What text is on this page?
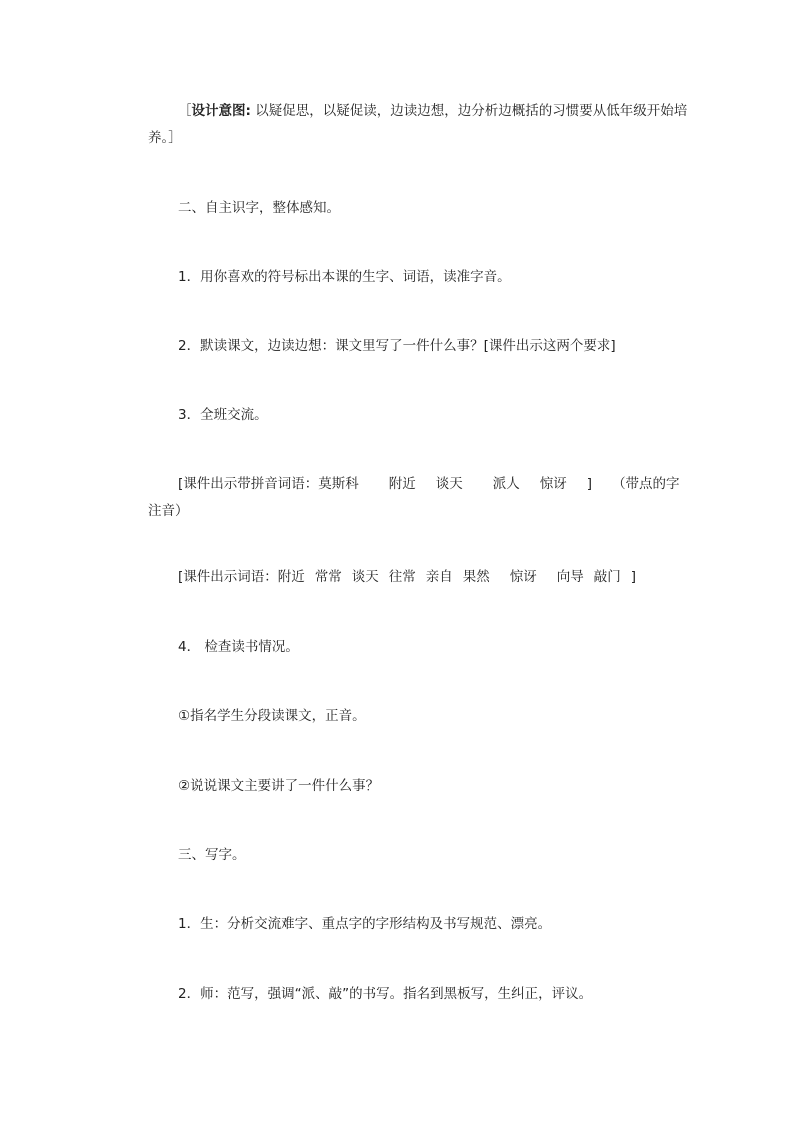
［设计意图: 以疑促思，以疑促读，边读边想，边分析边概括的习惯要从低年级开始培养。］

二、自主识字，整体感知。

1．用你喜欢的符号标出本课的生字、词语，读准字音。

2．默读课文，边读边想：课文里写了一件什么事？[课件出示这两个要求]

3．全班交流。

[课件出示带拼音词语：莫斯科 附近 谈天 派人 惊讶 ] （带点的字注音）

[课件出示词语：附近 常常 谈天 往常 亲自 果然 惊讶 向导 敲门 ]

4． 检查读书情况。

①指名学生分段读课文，正音。

②说说课文主要讲了一件什么事？

三、写字。

1．生：分析交流难字、重点字的字形结构及书写规范、漂亮。

2．师：范写，强调“派、敲”的书写。指名到黑板写，生纠正，评议。
